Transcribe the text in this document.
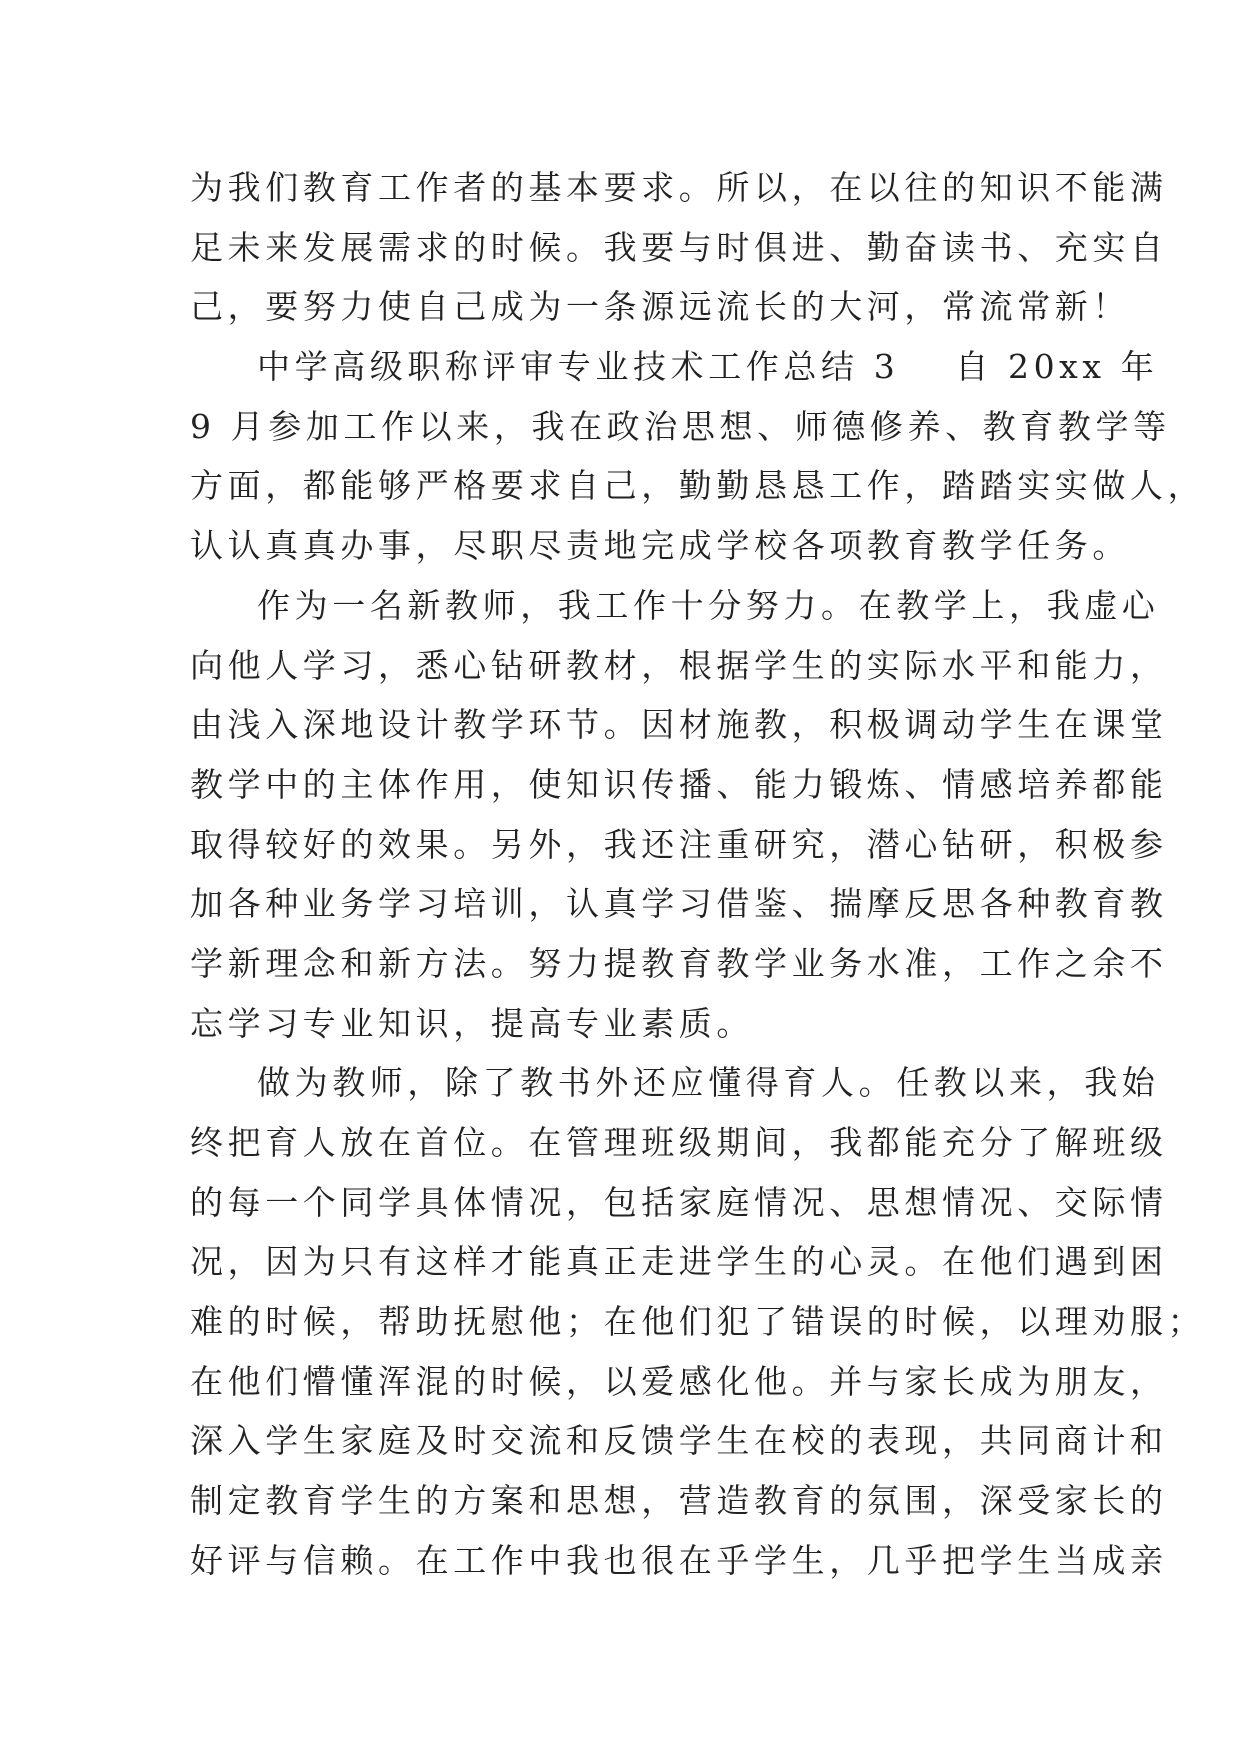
为我们教育工作者的基本要求。所以，在以往的知识不能满
足未来发展需求的时候。我要与时俱进、勤奋读书、充实自
己，要努力使自己成为一条源远流长的大河，常流常新！
中学高级职称评审专业技术工作总结 3 自 20xx 年
9 月参加工作以来，我在政治思想、师德修养、教育教学等
方面，都能够严格要求自己，勤勤恳恳工作，踏踏实实做人，
认认真真办事，尽职尽责地完成学校各项教育教学任务。
作为一名新教师，我工作十分努力。在教学上，我虚心
向他人学习，悉心钻研教材，根据学生的实际水平和能力，
由浅入深地设计教学环节。因材施教，积极调动学生在课堂
教学中的主体作用，使知识传播、能力锻炼、情感培养都能
取得较好的效果。另外，我还注重研究，潜心钻研，积极参
加各种业务学习培训，认真学习借鉴、揣摩反思各种教育教
学新理念和新方法。努力提教育教学业务水准，工作之余不
忘学习专业知识，提高专业素质。
做为教师，除了教书外还应懂得育人。任教以来，我始
终把育人放在首位。在管理班级期间，我都能充分了解班级
的每一个同学具体情况，包括家庭情况、思想情况、交际情
况，因为只有这样才能真正走进学生的心灵。在他们遇到困
难的时候，帮助抚慰他；在他们犯了错误的时候，以理劝服；
在他们懵懂浑混的时候，以爱感化他。并与家长成为朋友，
深入学生家庭及时交流和反馈学生在校的表现，共同商计和
制定教育学生的方案和思想，营造教育的氛围，深受家长的
好评与信赖。在工作中我也很在乎学生，几乎把学生当成亲
